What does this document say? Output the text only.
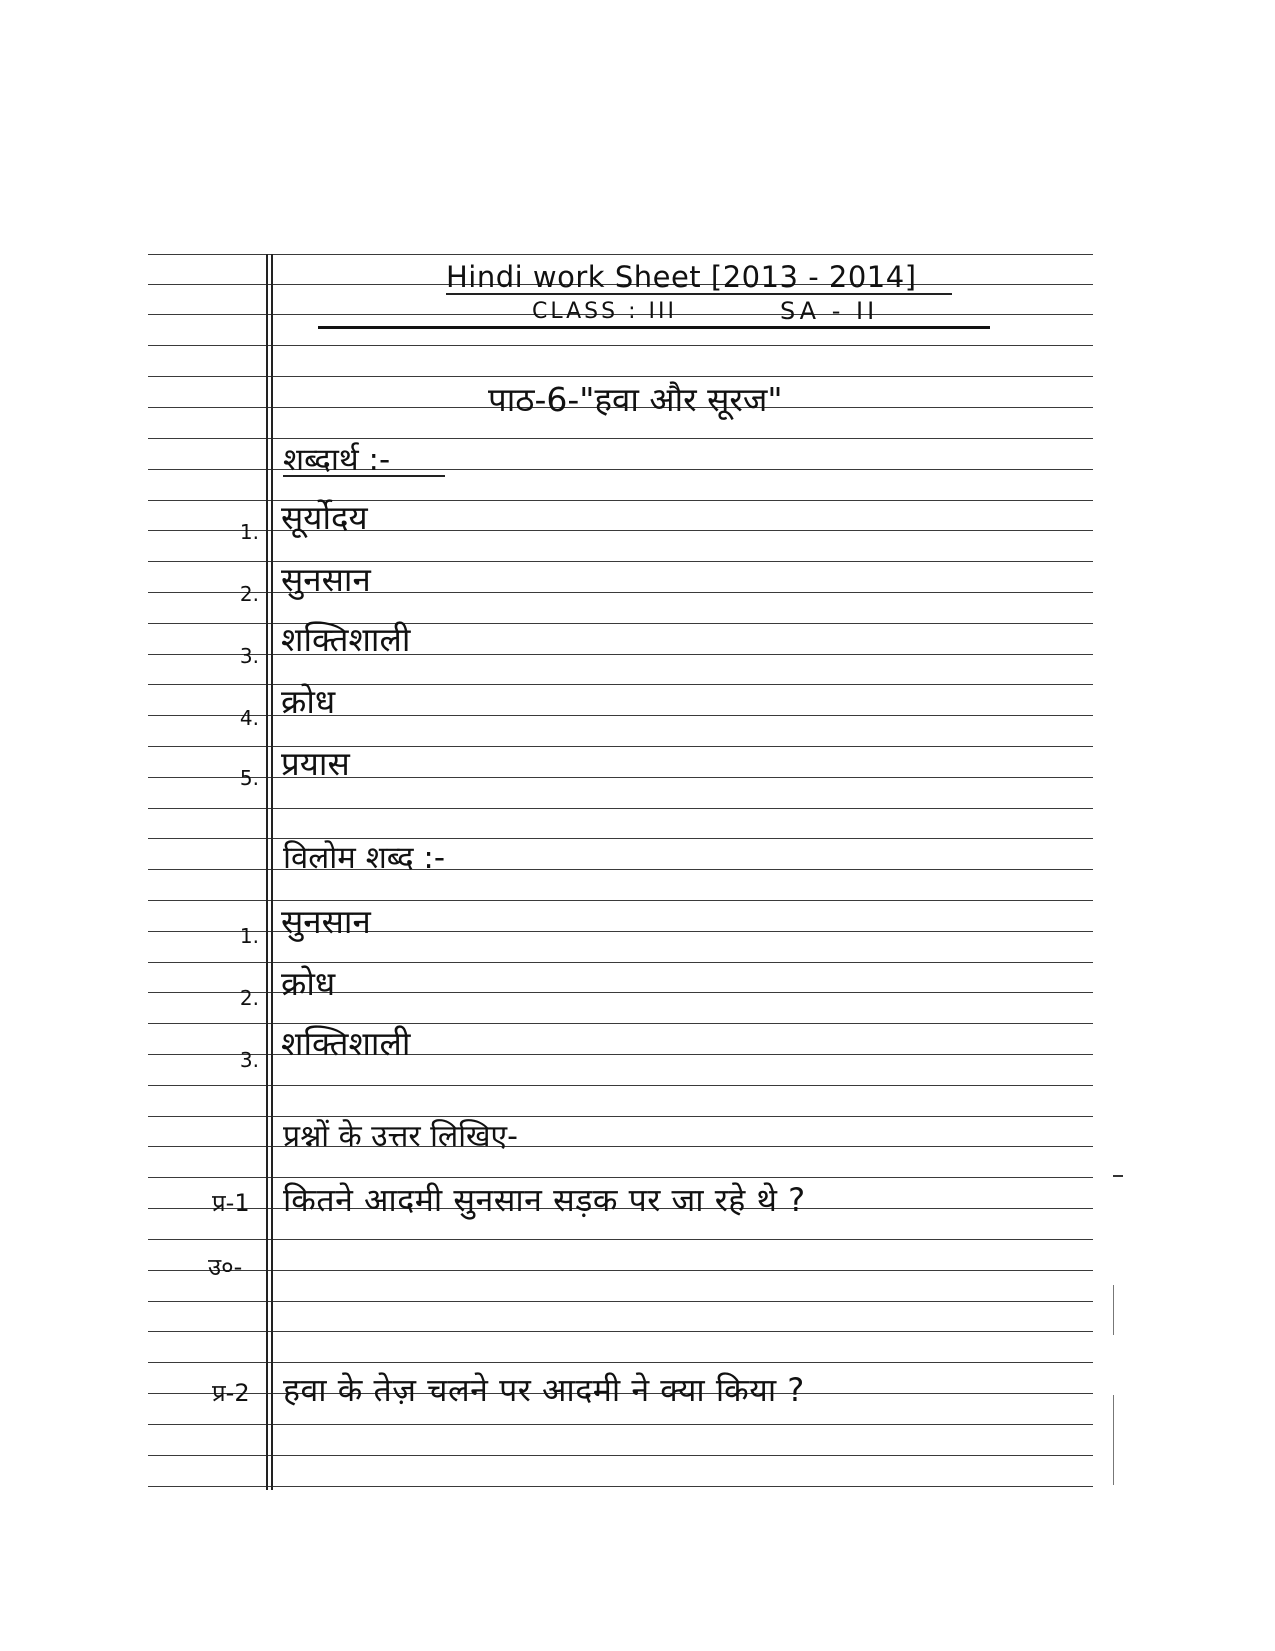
Hindi work Sheet [2013 - 2014]
CLASS : III	SA - II
पाठ-6-"हवा और सूरज"
शब्दार्थ :-
1. सूर्योदय
2. सुनसान
3. शक्तिशाली
4. क्रोध
5. प्रयास
विलोम शब्द :-
1. सुनसान
2. क्रोध
3. शक्तिशाली
प्रश्नों के उत्तर लिखिए-
प्र-1 कितने आदमी सुनसान सड़क पर जा रहे थे ?
उ०-
प्र-2 हवा के तेज़ चलने पर आदमी ने क्या किया ?
